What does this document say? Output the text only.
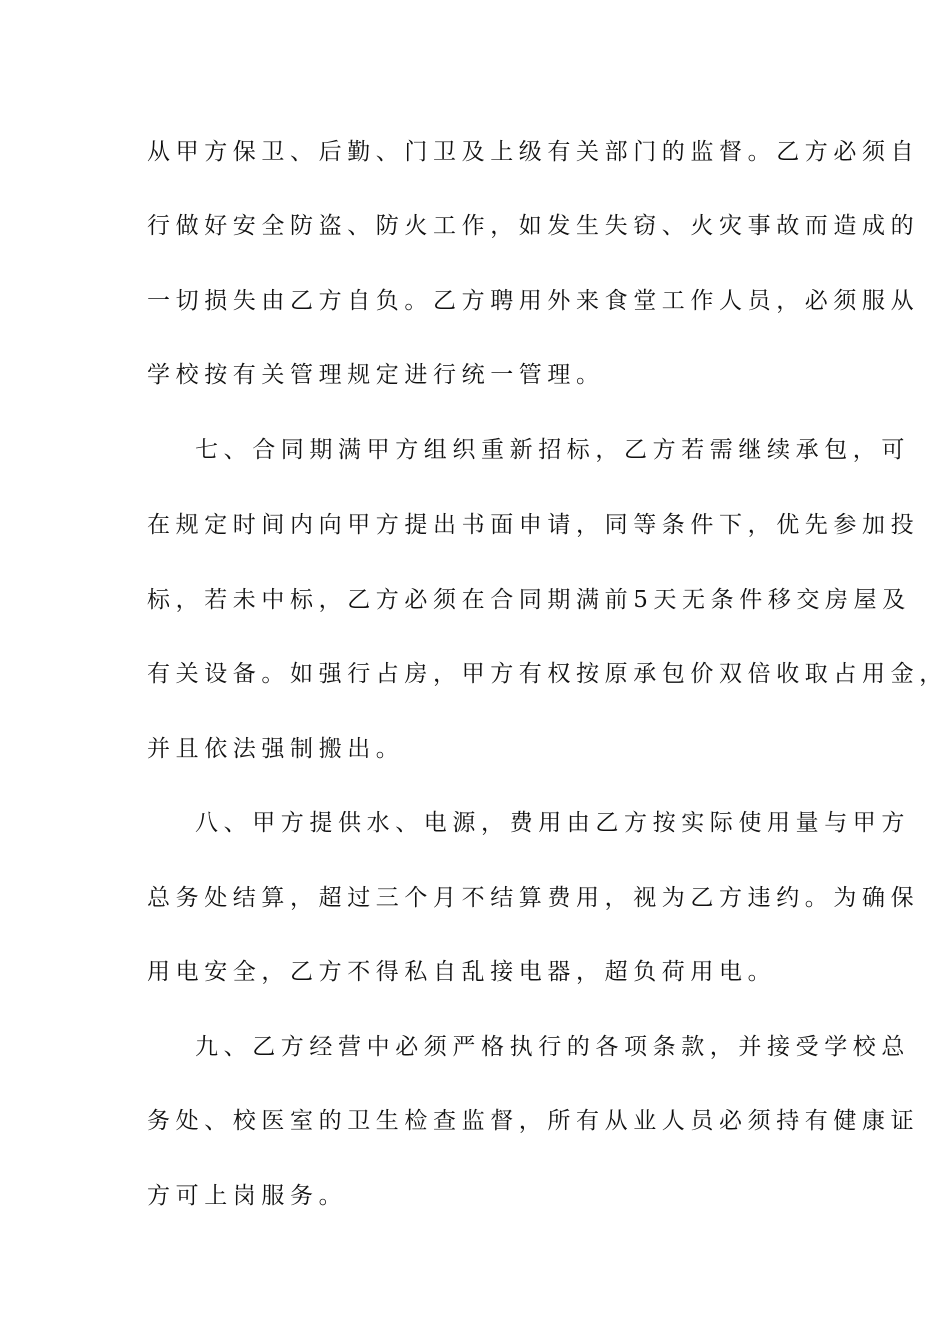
从甲方保卫、后勤、门卫及上级有关部门的监督。乙方必须自
行做好安全防盗、防火工作，如发生失窃、火灾事故而造成的
一切损失由乙方自负。乙方聘用外来食堂工作人员，必须服从
学校按有关管理规定进行统一管理。
七、合同期满甲方组织重新招标，乙方若需继续承包，可
在规定时间内向甲方提出书面申请，同等条件下，优先参加投
标，若未中标，乙方必须在合同期满前5天无条件移交房屋及
有关设备。如强行占房，甲方有权按原承包价双倍收取占用金，
并且依法强制搬出。
八、甲方提供水、电源，费用由乙方按实际使用量与甲方
总务处结算，超过三个月不结算费用，视为乙方违约。为确保
用电安全，乙方不得私自乱接电器，超负荷用电。
九、乙方经营中必须严格执行的各项条款，并接受学校总
务处、校医室的卫生检查监督，所有从业人员必须持有健康证
方可上岗服务。
